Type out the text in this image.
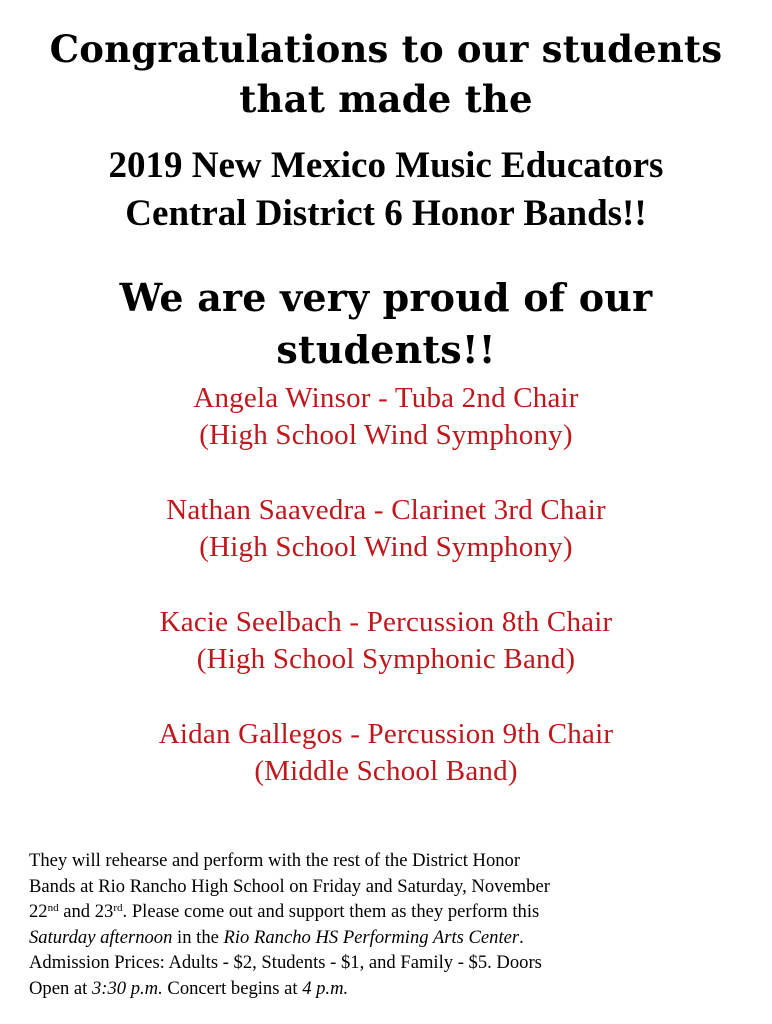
Congratulations to our students
that made the
2019 New Mexico Music Educators
Central District 6 Honor Bands!!
We are very proud of our
students!!
Angela Winsor - Tuba 2nd Chair
(High School Wind Symphony)
Nathan Saavedra - Clarinet 3rd Chair
(High School Wind Symphony)
Kacie Seelbach - Percussion 8th Chair
(High School Symphonic Band)
Aidan Gallegos - Percussion 9th Chair
(Middle School Band)

They will rehearse and perform with the rest of the District Honor

Bands at Rio Rancho High School on Friday and Saturday, November

22nd and 23rd. Please come out and support them as they perform this

Saturday afternoon in the Rio Rancho HS Performing Arts Center.

Admission Prices: Adults - $2, Students - $1, and Family - $5. Doors

Open at 3:30 p.m. Concert begins at 4 p.m.
